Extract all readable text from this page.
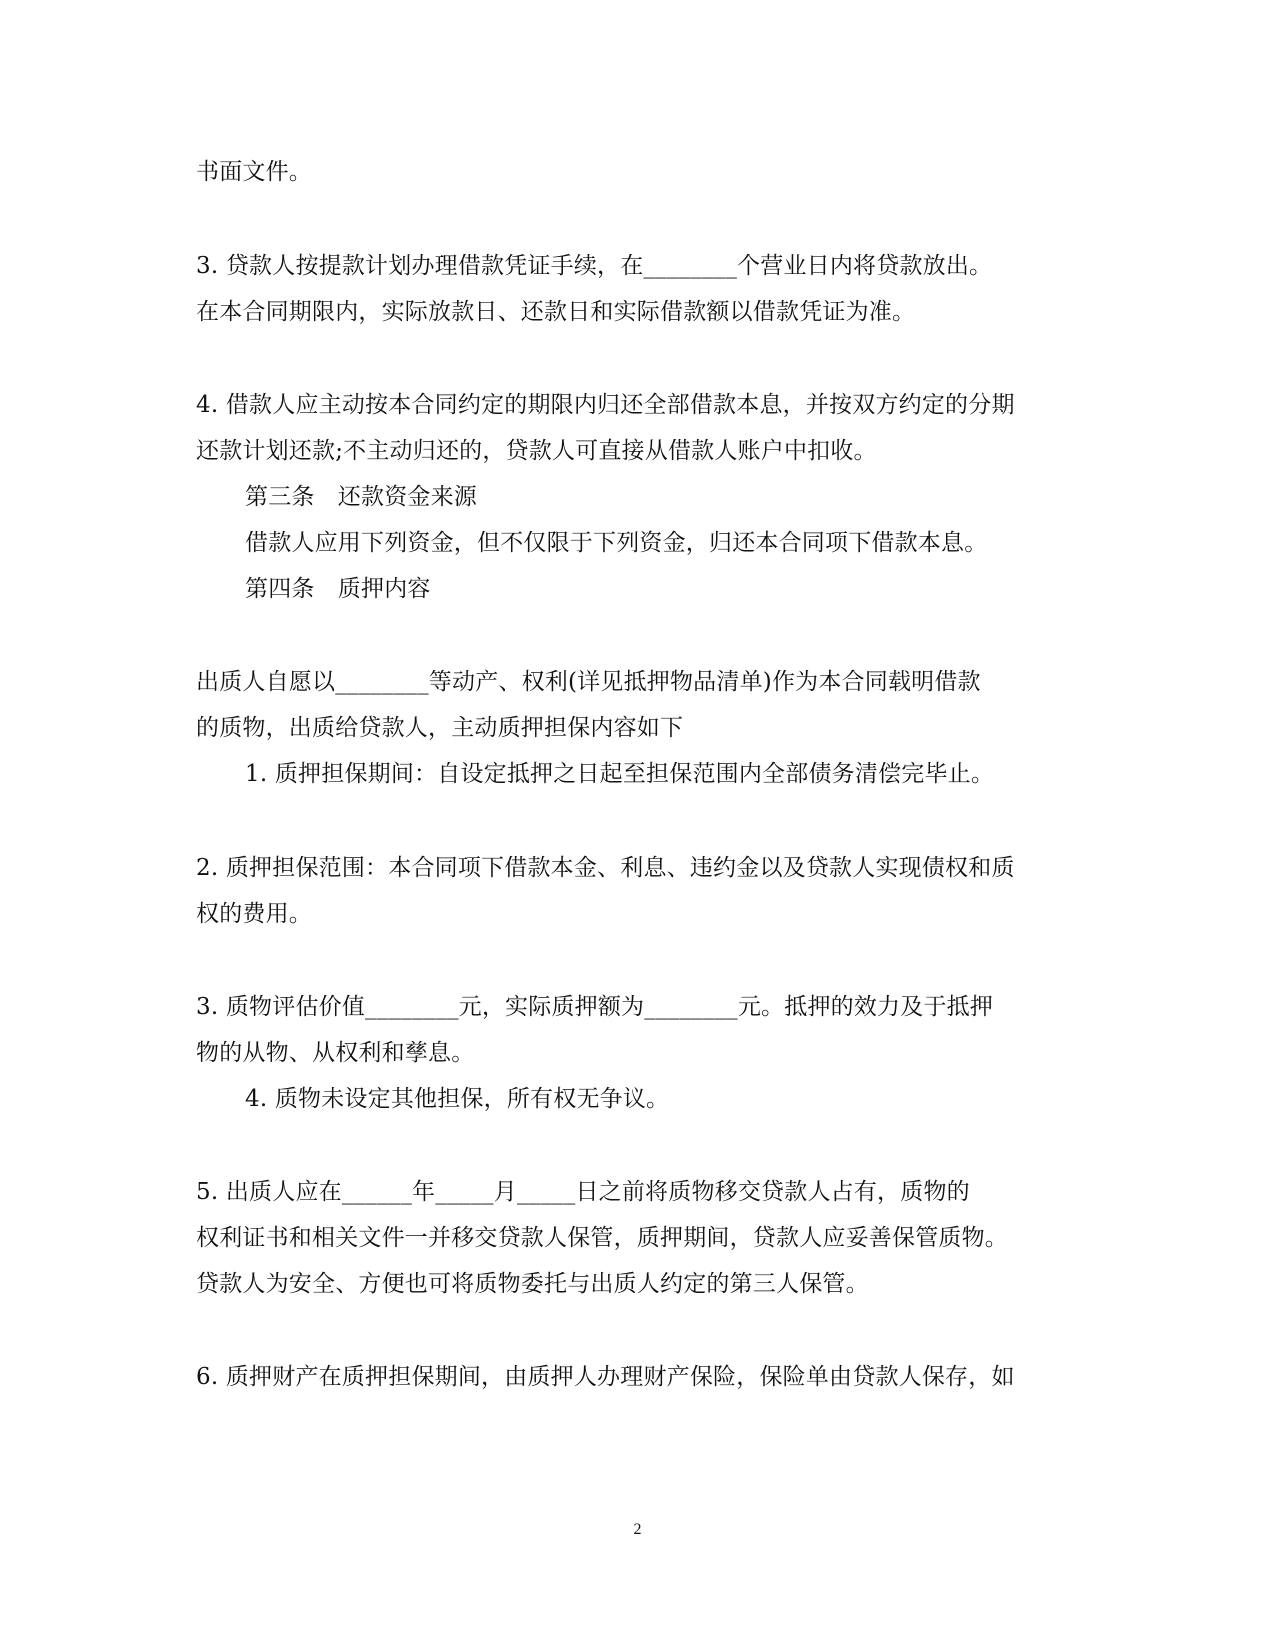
书面文件。
3. 贷款人按提款计划办理借款凭证手续，在________个营业日内将贷款放出。
在本合同期限内，实际放款日、还款日和实际借款额以借款凭证为准。
4. 借款人应主动按本合同约定的期限内归还全部借款本息，并按双方约定的分期
还款计划还款;不主动归还的，贷款人可直接从借款人账户中扣收。
第三条　还款资金来源
借款人应用下列资金，但不仅限于下列资金，归还本合同项下借款本息。
第四条　质押内容
出质人自愿以________等动产、权利(详见抵押物品清单)作为本合同载明借款
的质物，出质给贷款人，主动质押担保内容如下
1. 质押担保期间：自设定抵押之日起至担保范围内全部债务清偿完毕止。
2. 质押担保范围：本合同项下借款本金、利息、违约金以及贷款人实现债权和质
权的费用。
3. 质物评估价值________元，实际质押额为________元。抵押的效力及于抵押
物的从物、从权利和孳息。
4. 质物未设定其他担保，所有权无争议。
5. 出质人应在______年_____月_____日之前将质物移交贷款人占有，质物的
权利证书和相关文件一并移交贷款人保管，质押期间，贷款人应妥善保管质物。
贷款人为安全、方便也可将质物委托与出质人约定的第三人保管。
6. 质押财产在质押担保期间，由质押人办理财产保险，保险单由贷款人保存，如
2
